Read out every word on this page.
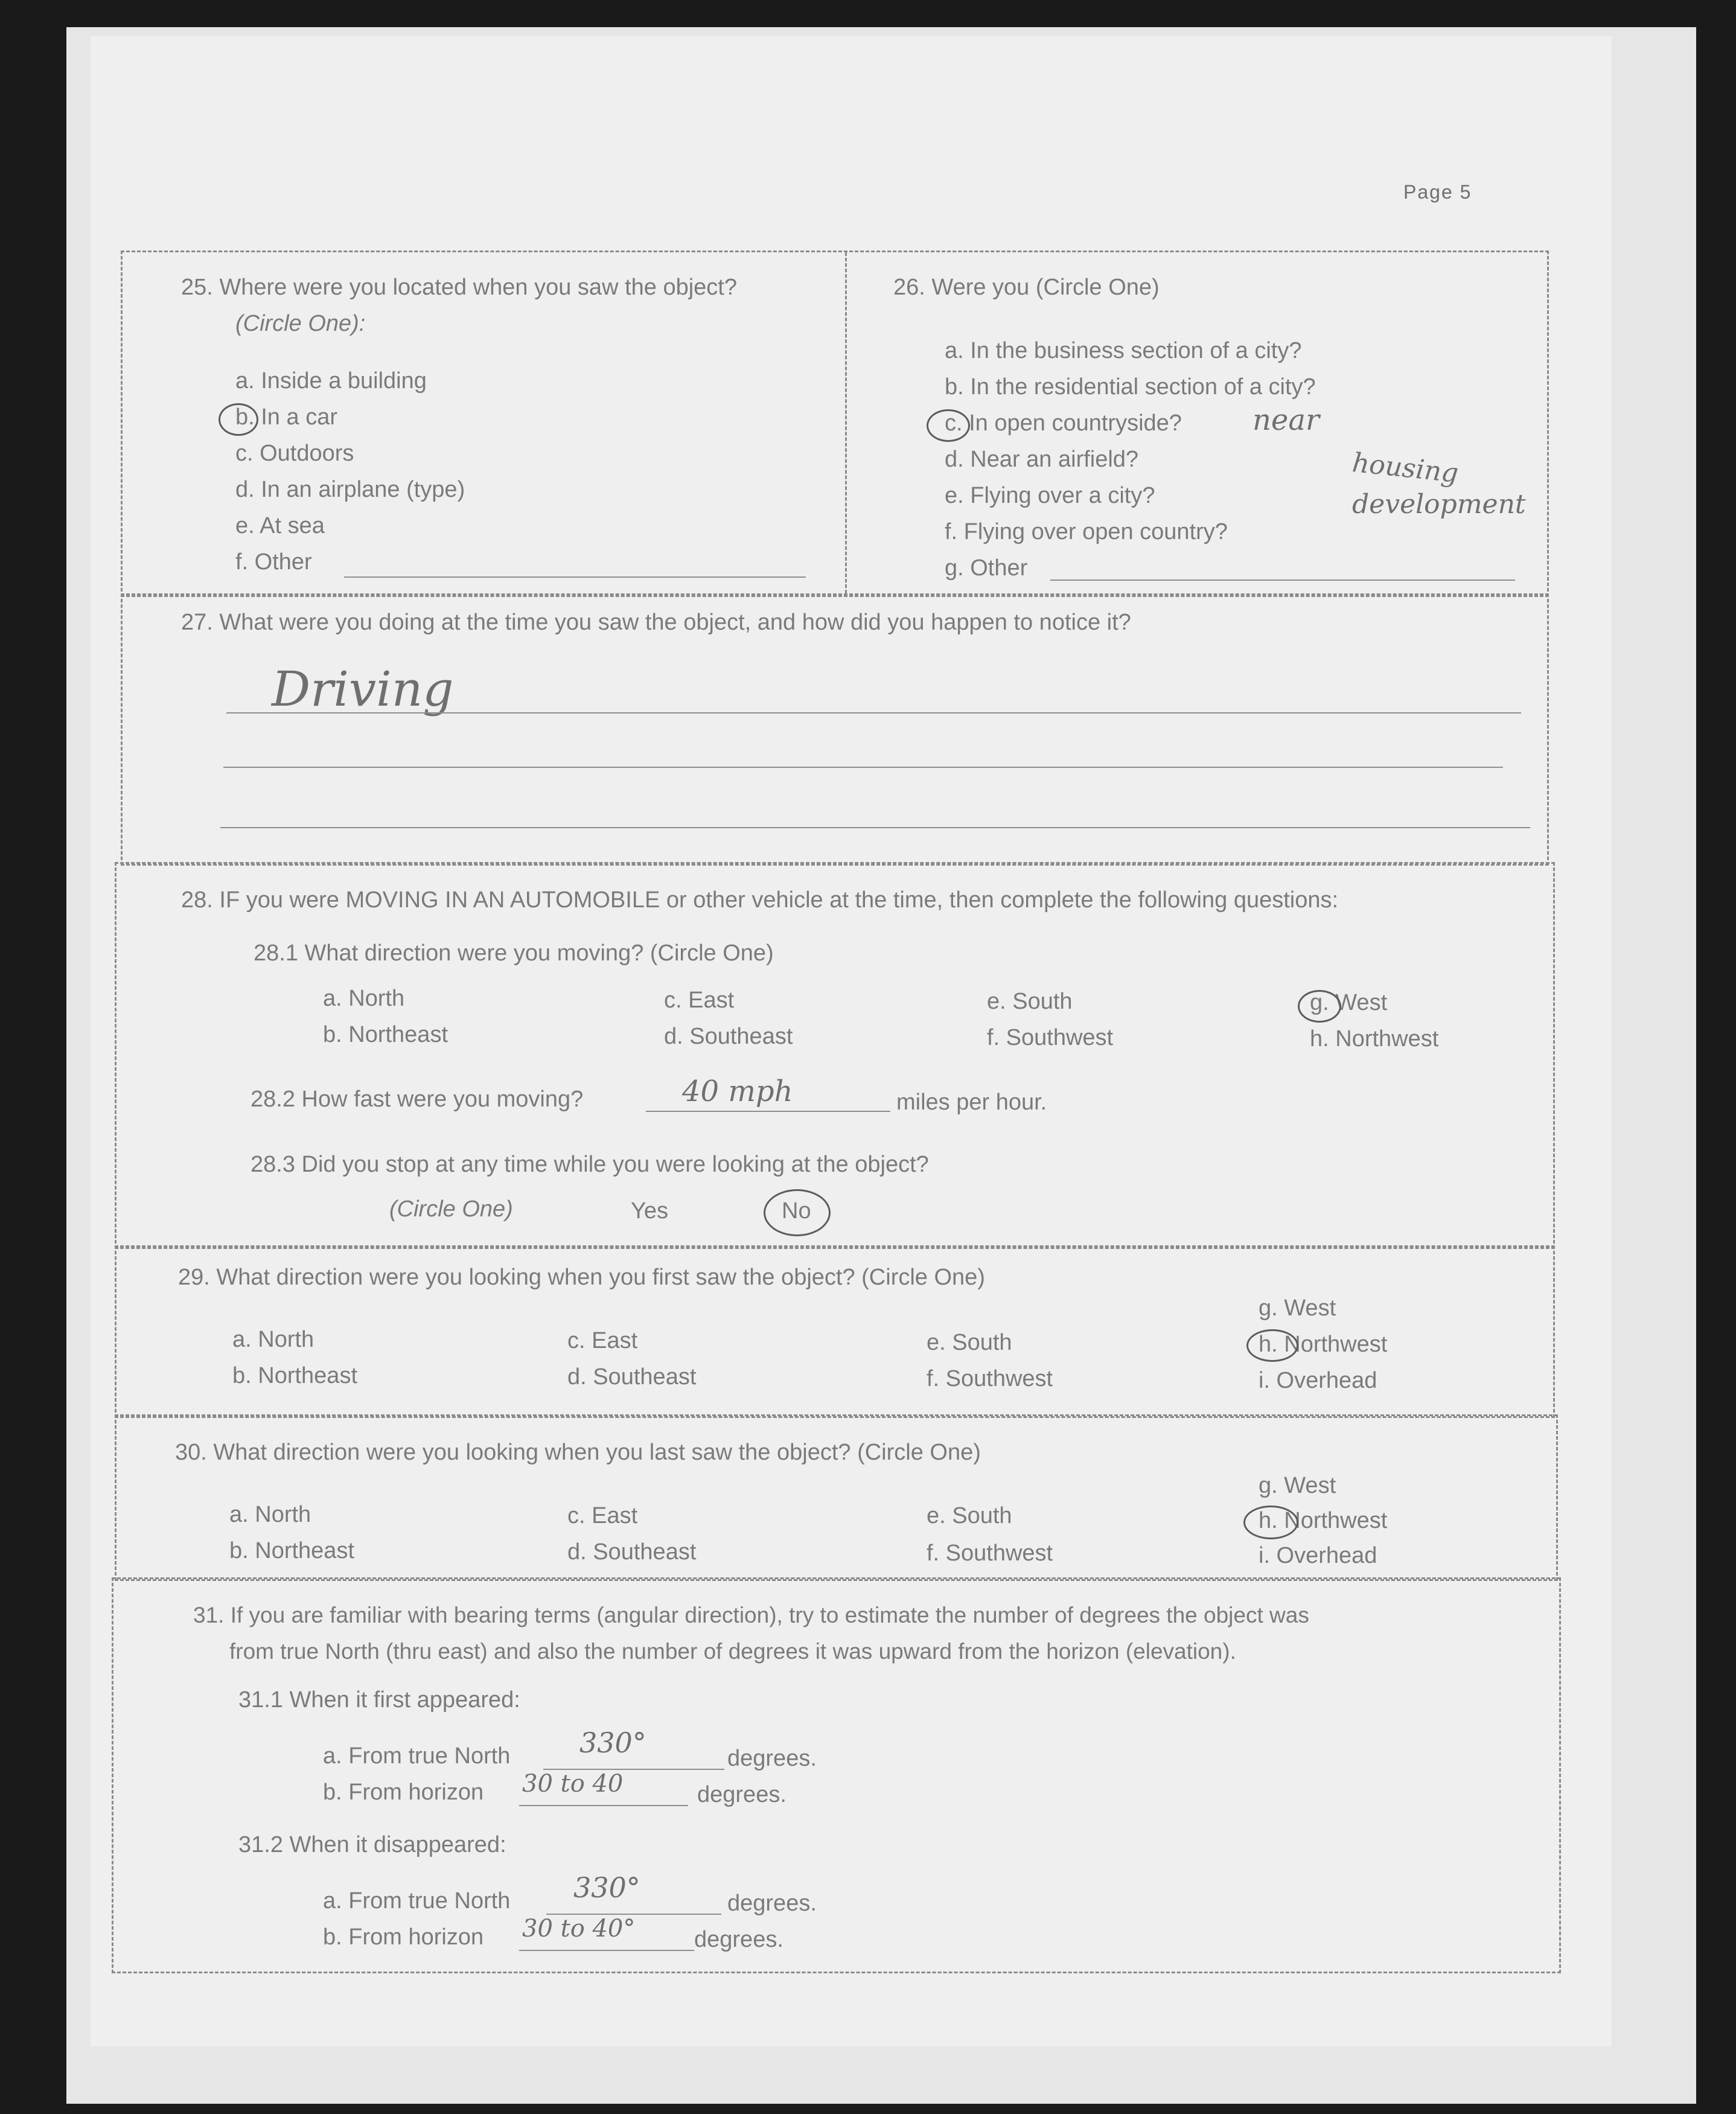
Page 5
25. Where were you located when you saw the object?
(Circle One):
a. Inside a building
b. In a car
c. Outdoors
d. In an airplane (type)
e. At sea
f. Other
26. Were you (Circle One)
a. In the business section of a city?
b. In the residential section of a city?
c. In open countryside? near
housing
development
d. Near an airfield?
e. Flying over a city?
f. Flying over open country?
g. Other
27. What were you doing at the time you saw the object, and how did you happen to notice it?
Driving
28. IF you were MOVING IN AN AUTOMOBILE or other vehicle at the time, then complete the following questions:
28.1 What direction were you moving? (Circle One)
a. North
b. Northeast
c. East
d. Southeast
e. South
f. Southwest
g. West
h. Northwest
28.2 How fast were you moving?	40 mph	miles per hour.
28.3 Did you stop at any time while you were looking at the object?
(Circle One)	Yes	No
29. What direction were you looking when you first saw the object? (Circle One)
a. North
b. Northeast
c. East
d. Southeast
e. South
f. Southwest
g. West
h. Northwest
i. Overhead
30. What direction were you looking when you last saw the object? (Circle One)
a. North
b. Northeast
c. East
d. Southeast
e. South
f. Southwest
g. West
h. Northwest
i. Overhead
31. If you are familiar with bearing terms (angular direction), try to estimate the number of degrees the object was
from true North (thru east) and also the number of degrees it was upward from the horizon (elevation).
31.1 When it first appeared:
a. From true North 330°	degrees.
b. From horizon 30 to 40	degrees.
31.2 When it disappeared:
a. From true North 330°	degrees.
b. From horizon 30 to 40°	degrees.
